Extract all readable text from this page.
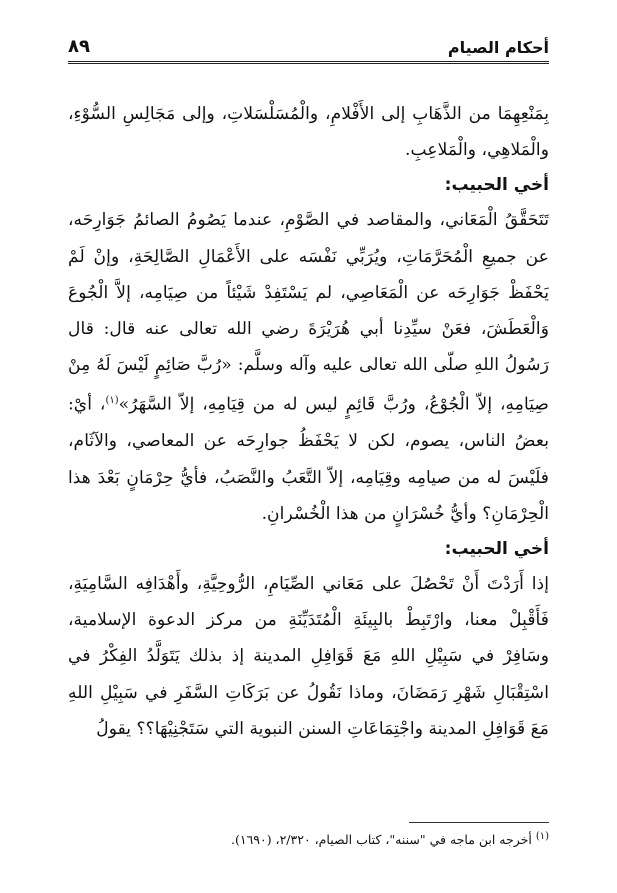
٨٩	أحكام الصيام

بِمَنْعِهِمَا من الذَّهَابِ إلى الأَفْلامِ، والْمُسَلْسَلاتِ، وإلى مَجَالِسِ السُّوْءِ، والْمَلاهِي، والْمَلاعِبِ.

أخي الحبيب:

تَتَحَقَّقُ الْمَعَاني، والمقاصد في الصَّوْمِ، عندما يَصُومُ الصائمُ جَوَارِحَه، عن جميعِ الْمُحَرَّمَاتِ، ويُرَبِّي نَفْسَه على الأَعْمَالِ الصَّالِحَةِ، وإنْ لَمْ يَحْفَظْ جَوَارِحَه عن الْمَعَاصِي، لم يَسْتَفِدْ شَيْئاً من صِيَامِه، إلاَّ الْجُوعَ وَالْعَطَشَ، فعَنْ سيِّدِنا أبي هُرَيْرَةَ رضي الله تعالى عنه قال: قال رَسُولُ اللهِ صلّى الله تعالى عليه وآله وسلَّم: «رُبَّ صَائِمٍ لَيْسَ لَهُ مِنْ صِيَامِهِ، إلاّ الْجُوْعُ، ورُبَّ قَائِمٍ ليس له من قِيَامِهِ، إلاّ السَّهَرُ»$^{(١)}$، أيْ: بعضُ الناس، يصوم، لكن لا يَحْفَظُ جوارِحَه عن المعاصي، والآثَام، فلَيْسَ له من صيامِه وقِيَامِه، إلاّ التَّعَبُ والنَّصَبُ، فأيُّ حِرْمَانٍ بَعْدَ هذا الْحِرْمَانِ؟ وأيُّ خُسْرَانٍ من هذا الْخُسْرانِ.

أخي الحبيب:

إذا أَرَدْتَ أَنْ تَحْصُلَ على مَعَاني الصِّيَامِ، الرُّوحِيَّةِ، وأَهْدَافِه السَّامِيَةِ، فَأَقْبِلْ معنا، وارْتَبِطْ بالبِيئَةِ الْمُتَدَيِّنَةِ من مركز الدعوة الإسلامية، وسَافِرْ في سَبِيْلِ اللهِ مَعَ قَوَافِلِ المدينة إذ بذلك يَتَوَلَّدُ الفِكْرُ في اسْتِقْبَالِ شَهْرِ رَمَضَانَ، وماذا نَقُولُ عن بَرَكَاتِ السَّفَرِ في سَبِيْلِ اللهِ مَعَ قَوَافِلِ المدينة واجْتِمَاعَاتِ السنن النبوية التي سَتَجْنِيْهَا؟؟ يقولُ

$^{(١)}$ أخرجه ابن ماجه في "سننه"، كتاب الصيام، ٢/٣٢٠، (١٦٩٠).
